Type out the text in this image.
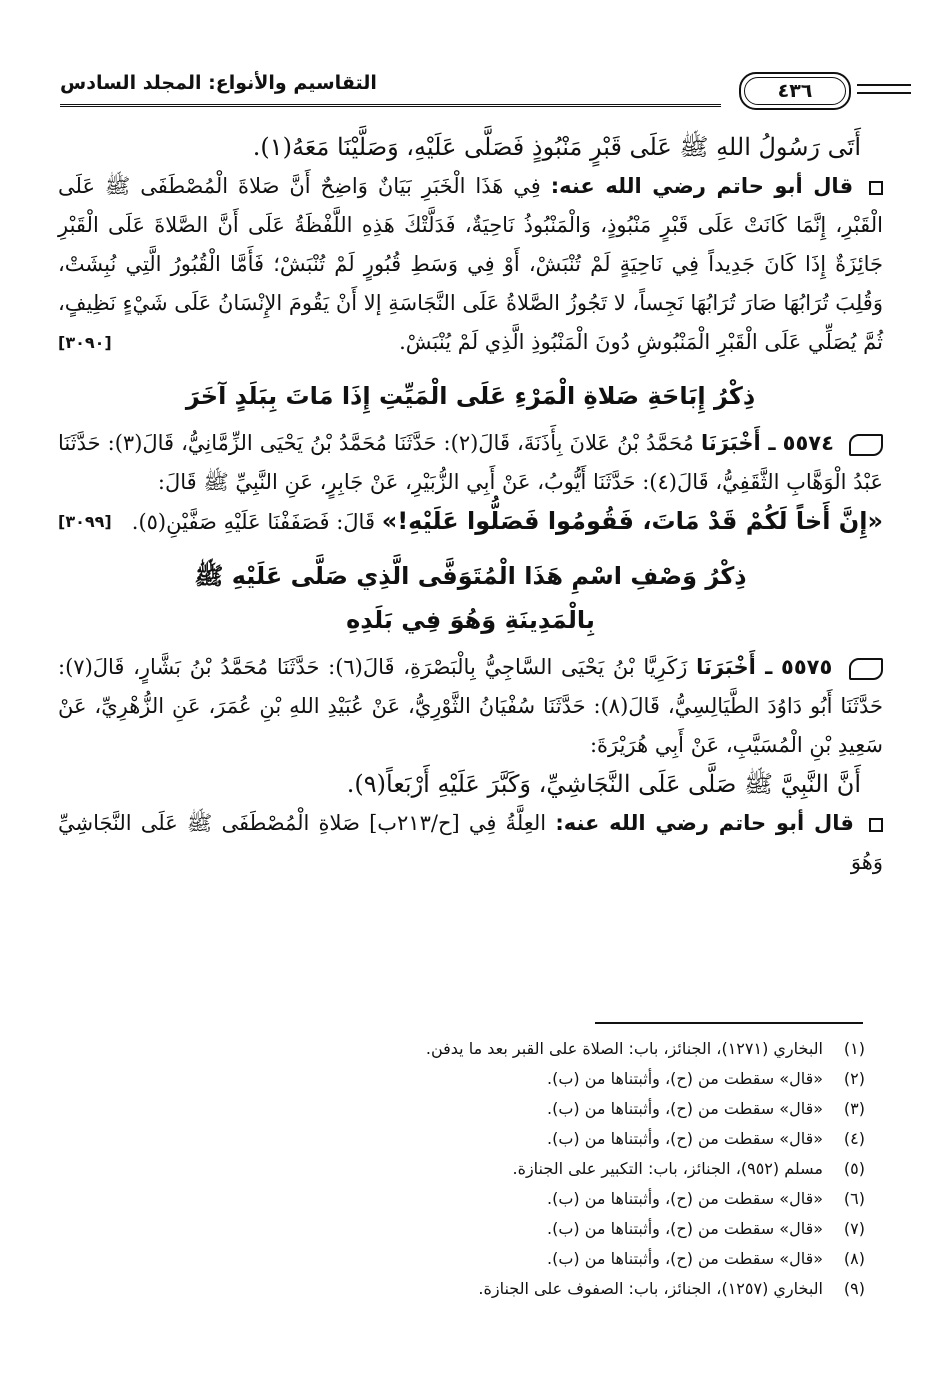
التقاسيم والأنواع: المجلد السادس	٤٣٦

أَتَى رَسُولُ اللهِ ﷺ عَلَى قَبْرٍ مَنْبُوذٍ فَصَلَّى عَلَيْهِ، وَصَلَّيْنَا مَعَهُ(١).

قال أبو حاتم رضي الله عنه: فِي هَذَا الْخَبَرِ بَيَانٌ وَاضِحٌ أَنَّ صَلاةَ الْمُصْطَفَى ﷺ عَلَى الْقَبْرِ، إِنَّمَا كَانَتْ عَلَى قَبْرٍ مَنْبُوذٍ، وَالْمَنْبُوذُ نَاحِيَةٌ، فَدَلَّتْكَ هَذِهِ اللَّفْظَةُ عَلَى أَنَّ الصَّلاةَ عَلَى الْقَبْرِ جَائِزَةٌ إِذَا كَانَ جَدِيداً فِي نَاحِيَةٍ لَمْ تُنْبَشْ، أَوْ فِي وَسَطِ قُبُورٍ لَمْ تُنْبَشْ؛ فَأَمَّا الْقُبُورُ الَّتِي نُبِشَتْ، وَقُلِبَ تُرَابُهَا صَارَ تُرَابُهَا نَجِساً، لا تَجُوزُ الصَّلاةُ عَلَى النَّجَاسَةِ إلا أَنْ يَقُومَ الإِنْسَانُ عَلَى شَيْءٍ نَظِيفٍ، ثُمَّ يُصَلِّي عَلَى الْقَبْرِ الْمَنْبُوشِ دُونَ الْمَنْبُوذِ الَّذِي لَمْ يُنْبَشْ.
[٣٠٩٠]

ذِكْرُ إِبَاحَةِ صَلاةِ الْمَرْءِ عَلَى الْمَيِّتِ إِذَا مَاتَ بِبَلَدٍ آخَرَ

٥٥٧٤ ـ أَخْبَرَنَا مُحَمَّدُ بْنُ عَلانَ بِأَذَنَةَ، قَالَ(٢): حَدَّثَنَا مُحَمَّدُ بْنُ يَحْيَى الزِّمَّانِيُّ، قَالَ(٣): حَدَّثَنَا عَبْدُ الْوَهَّابِ الثَّقَفِيُّ، قَالَ(٤): حَدَّثَنَا أَيُّوبُ، عَنْ أَبِي الزُّبَيْرِ، عَنْ جَابِرٍ، عَنِ النَّبِيِّ ﷺ قَالَ:

«إِنَّ أَخاً لَكُمْ قَدْ مَاتَ، فَقُومُوا فَصَلُّوا عَلَيْهِ!» قَالَ: فَصَفَفْنَا عَلَيْهِ صَفَّيْنِ(٥).
[٣٠٩٩]

ذِكْرُ وَصْفِ اسْمِ هَذَا الْمُتَوَفَّى الَّذِي صَلَّى عَلَيْهِ ﷺ
بِالْمَدِينَةِ وَهُوَ فِي بَلَدِهِ

٥٥٧٥ ـ أَخْبَرَنَا زَكَرِيَّا بْنُ يَحْيَى السَّاجِيُّ بِالْبَصْرَةِ، قَالَ(٦): حَدَّثَنَا مُحَمَّدُ بْنُ بَشَّارٍ، قَالَ(٧): حَدَّثَنَا أَبُو دَاوُدَ الطَّيَالِسِيُّ، قَالَ(٨): حَدَّثَنَا سُفْيَانُ الثَّوْرِيُّ، عَنْ عُبَيْدِ اللهِ بْنِ عُمَرَ، عَنِ الزُّهْرِيِّ، عَنْ سَعِيدِ بْنِ الْمُسَيَّبِ، عَنْ أَبِي هُرَيْرَةَ:

أَنَّ النَّبِيَّ ﷺ صَلَّى عَلَى النَّجَاشِيِّ، وَكَبَّرَ عَلَيْهِ أَرْبَعاً(٩).

قال أبو حاتم رضي الله عنه: العِلَّةُ فِي [ح/٢١٣ب] صَلاةِ الْمُصْطَفَى ﷺ عَلَى النَّجَاشِيِّ وَهُوَ

(١)
البخاري (١٢٧١)، الجنائز، باب: الصلاة على القبر بعد ما يدفن.
(٢)
«قال» سقطت من (ح)، وأثبتناها من (ب).
(٣)
«قال» سقطت من (ح)، وأثبتناها من (ب).
(٤)
«قال» سقطت من (ح)، وأثبتناها من (ب).
(٥)
مسلم (٩٥٢)، الجنائز، باب: التكبير على الجنازة.
(٦)
«قال» سقطت من (ح)، وأثبتناها من (ب).
(٧)
«قال» سقطت من (ح)، وأثبتناها من (ب).
(٨)
«قال» سقطت من (ح)، وأثبتناها من (ب).
(٩)
البخاري (١٢٥٧)، الجنائز، باب: الصفوف على الجنازة.
